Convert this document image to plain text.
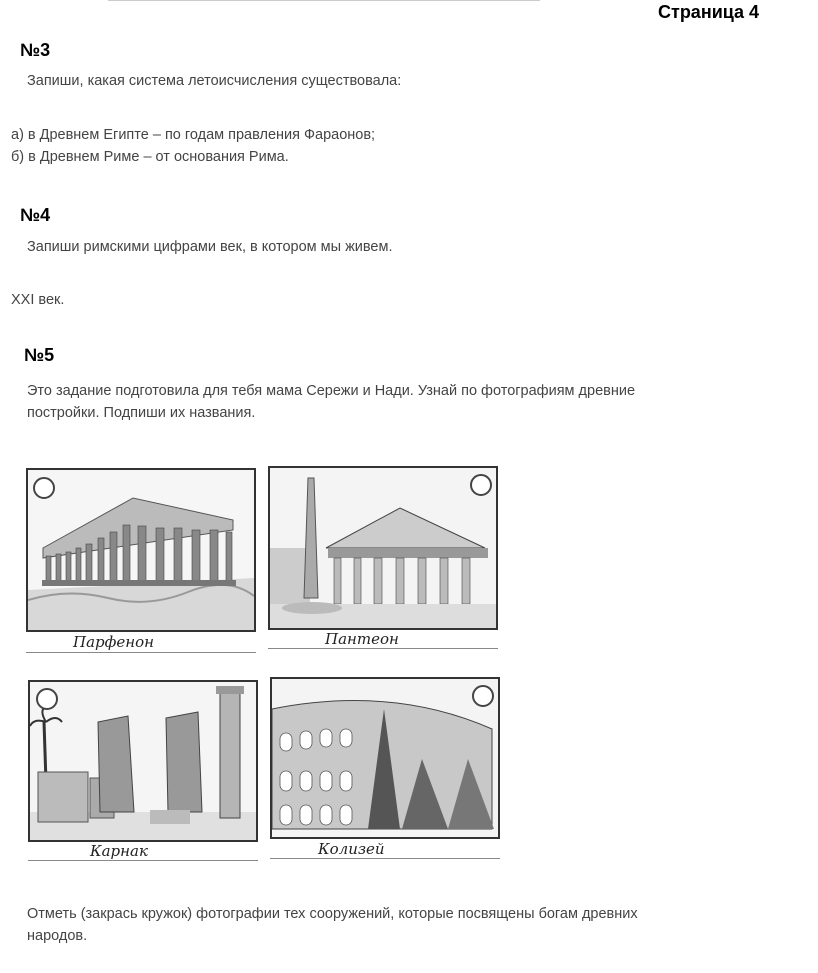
Страница 4
№3
Запиши, какая система летоисчисления существовала:
а) в Древнем Египте – по годам правления Фараонов;
б) в Древнем Риме – от основания Рима.
№4
Запиши римскими цифрами век, в котором мы живем.
XXI век.
№5
Это задание подготовила для тебя мама Сережи и Нади. Узнай по фотографиям древние
постройки. Подпиши их названия.
Парфенон	Пантеон
Карнак	Колизей
Отметь (закрась кружок) фотографии тех сооружений, которые посвящены богам древних
народов.
